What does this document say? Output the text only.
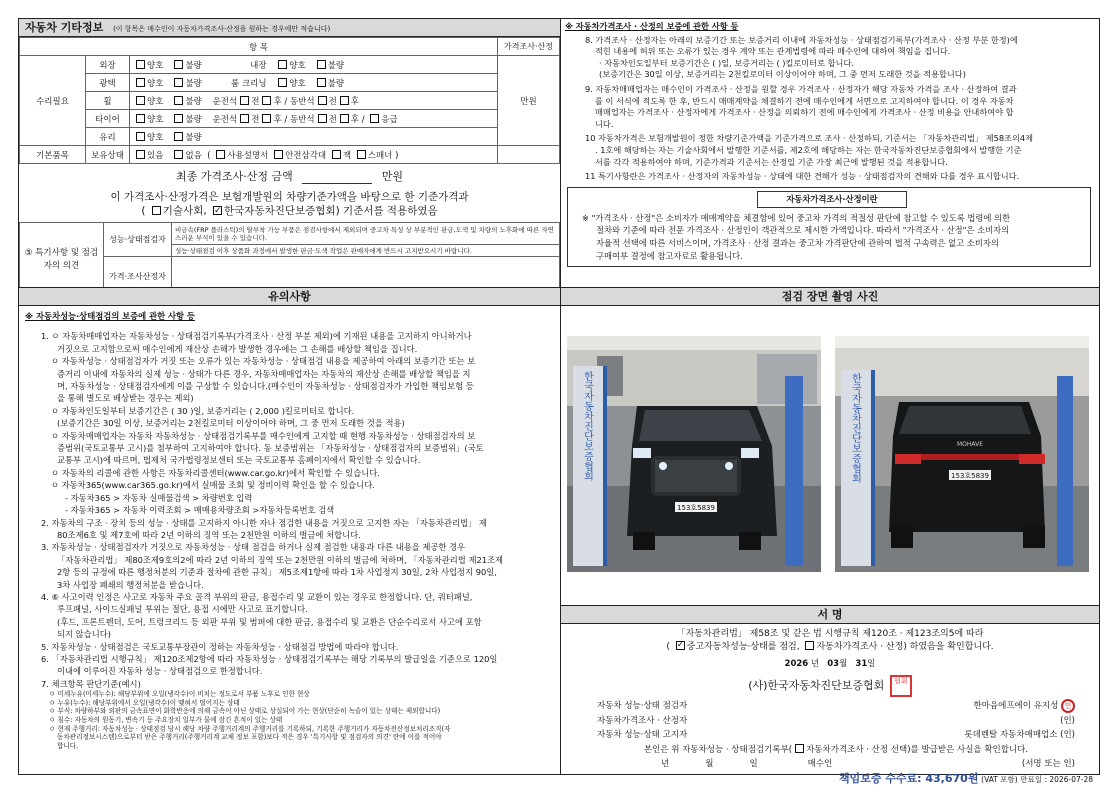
자동차 기타정보 (이 항목은 매수인이 자동차가격조사·산정을 원하는 경우에만 적습니다)
항 목			가격조사·산정
수리필요	외장	양호 불량 내장 양호 불량	만원
	광택	양호 불량 룸 크리닝 양호 불량	
	휠	양호 불량 운전석 전 후 / 동반석 전 후	
	타이어	양호 불량 운전석 전 후 / 동반석 전 후 / 응급	
	유리	양호 불량	
기본품목	보유상태	있음 없음  ( 사용설명서 안전삼각대 잭 스패너 )	
최종 가격조사·산정 금액	만원
이 가격조사·산정가격은 보험개발원의 차량기준가액을 바탕으로 한 기준가격과
( 기술사회, ✓한국자동차진단보증협회) 기준서를 적용하였음
⑤ 특기사항 및 점검자의 의견	성능·상태점검자	비금속(FRP 플라스틱)의 탈부착 가능 부품은 점검사항에서 제외되며 중고차 특성 상 부분적인 판금,도색 및 차량의 노후화에 따른 자연스러운 부식이 있을 수 있습니다.
		성능·상태점검 이후 상품화 과정에서 발생한 판금·도색 작업은 판매자에게 반드시 고지받으시기 바랍니다.
	가격·조사산정자	
유의사항

※ 자동차성능·상태점검의 보증에 관한 사항 등

1. ㅇ 자동차매매업자는 자동차성능 · 상태점검기록부(가격조사 · 산정 부분 제외)에 기재된 내용을 고지하지 아니하거나

거짓으로 고지함으로써 매수인에게 재산상 손해가 발생한 경우에는 그 손해를 배상할 책임을 집니다.

ㅇ 자동차성능 · 상태점검자가 거짓 또는 오류가 있는 자동차성능 · 상태점검 내용을 제공하여 아래의 보증기간 또는 보

증거리 이내에 자동차의 실제 성능 · 상태가 다른 경우, 자동차매매업자는 자동차의 재산상 손해를 배상할 책임을 지

며, 자동차성능 · 상태점검자에게 이를 구상할 수 있습니다.(매수인이 자동차성능 · 상태점검자가 가입한 책임보험 등

을 통해 별도로 배상받는 경우는 제외)

ㅇ 자동차인도일부터 보증기간은 ( 30 )일, 보증거리는 ( 2,000 )킬로미터로 합니다.

(보증기간은 30일 이상, 보증거리는 2천킬로미터 이상이어야 하며, 그 중 먼저 도래한 것을 적용)

ㅇ 자동차매매업자는 자동차 자동차성능 · 상태점검기록부를 매수인에게 고지할 때 현행 자동차성능 · 상태점검자의 보

증범위(국토교통부 고시)를 첨부하여 고지하여야 합니다. 동 보증범위는 「자동차성능 · 상태점검자의 보증범위」(국토

교통부 고시)에 따르며, 법제처 국가법령정보센터 또는 국토교통부 홈페이지에서 확인할 수 있습니다.

ㅇ 자동차의 리콜에 관한 사항은 자동차리콜센터(www.car.go.kr)에서 확인할 수 있습니다.

ㅇ 자동차365(www.car365.go.kr)에서 실매물 조회 및 정비이력 확인을 할 수 있습니다.

- 자동차365 > 자동차 실매물검색 > 차량번호 입력

- 자동차365 > 자동차 이력조회 > 매매용차량조회 >자동차등록번호 검색

2. 자동차의 구조 · 장치 등의 성능 · 상태를 고지하지 아니한 자나 점검한 내용을 거짓으로 고지한 자는 「자동차관리법」 제

80조제6호 및 제7호에 따라 2년 이하의 징역 또는 2천만원 이하의 벌금에 처합니다.

3. 자동차성능 · 상태점검자가 거짓으로 자동차성능 · 상태 점검을 하거나 실제 점검한 내용과 다른 내용을 제공한 경우

「자동차관리법」 제80조제9호의2에 따라 2년 이하의 징역 또는 2천만원 이하의 벌금에 처하며, 「자동차관리법 제21조제

2항 등의 규정에 따른 행정처분의 기준과 절차에 관한 규칙」 제5조제1항에 따라 1차 사업정지 30일, 2차 사업정지 90일,

3차 사업장 폐쇄의 행정처분을 받습니다.

4. ⑥ 사고이력 인정은 사고로 자동차 주요 골격 부위의 판금, 용접수리 및 교환이 있는 경우로 한정합니다. 단, 쿼터패널,

루프패널, 사이드실패널 부위는 절단, 용접 시에만 사고로 표기합니다.

(후드, 프론트펜더, 도어, 트렁크리드 등 외판 부위 및 범퍼에 대한 판금, 용접수리 및 교환은 단순수리로서 사고에 포함

되지 않습니다)

5. 자동차성능 · 상태점검은 국토교통부장관이 정하는 자동차성능 · 상태점검 방법에 따라야 합니다.

6. 「자동차관리법 시행규칙」 제120조제2항에 따라 자동차성능 · 상태점검기록부는 해당 기록부의 발급일을 기준으로 120일

이내에 이루어진 자동차 성능 · 상태점검으로 한정합니다.

7. 체크항목 판단기준(예시)

ㅇ 미세누유(미세누수): 해당부위에 오일(냉각수)이 비치는 정도로서 부품 노후로 인한 현상

ㅇ 누유(누수): 해당부위에서 오일(냉각수)이 맺혀서 떨어지는 상태

ㅇ 부식: 차량하부와 외판의 금속표면이 화학반응에 의해 금속이 아닌 상태로 상실되어 가는 현상(단순히 녹슬어 있는 상태는 제외합니다)

ㅇ 침수: 자동차의 원동기, 변속기 등 주요장치 일부가 물에 잠긴 흔적이 있는 상태

ㅇ 현재 주행거리: 자동차성능 · 상태점검 당시 해당 차량 주행거리계의 주행거리를 기록하되, 기록한 주행거리가 자동차전산정보처리조직(자

동차관리정보시스템)으로부터 받은 주행거리(주행거리계 교체 정보 포함)보다 적은 경우 '특기사항 및 점검자의 의견' 란에 이를 적어야

합니다.

※ 자동차가격조사 · 산정의 보증에 관한 사항 등

8. 가격조사 · 산정자는 아래의 보증기간 또는 보증거리 이내에 자동차성능 · 상태점검기록부(가격조사 · 산정 부분 한정)에
적힌 내용에 허위 또는 오류가 있는 경우 계약 또는 관계법령에 따라 매수인에 대하여 책임을 집니다.
· 자동차인도일부터 보증기간은 ( )일, 보증거리는 ( )킬로미터로 합니다.
(보증기간은 30일 이상, 보증거리는 2천킬로미터 이상이어야 하며, 그 중 먼저 도래한 것을 적용합니다)
9. 자동차매매업자는 매수인이 가격조사 · 산정을 원할 경우 가격조사 · 산정자가 해당 자동차 가격을 조사 · 산정하여 결과
를 이 서식에 적도록 한 후, 반드시 매매계약을 체결하기 전에 매수인에게 서면으로 고지하여야 합니다. 이 경우 자동차
매매업자는 가격조사 · 산정자에게 가격조사 · 산정을 의뢰하기 전에 매수인에게 가격조사 · 산정 비용을 안내하여야 합
니다.
10 자동차가격은 보험개발원이 정한 차량기준가액을 기준가격으로 조사 · 산정하되, 기준서는 「자동차관리법」 제58조의4제
. 1호에 해당하는 자는 기술사회에서 발행한 기준서를, 제2호에 해당하는 자는 한국자동차진단보증협회에서 발행한 기준
서를 각각 적용하여야 하며, 기준가격과 기준서는 산정일 기준 가장 최근에 발행된 것을 적용합니다.
11 특기사항란은 가격조사 · 산정자의 자동차성능 · 상태에 대한 견해가 성능 · 상태점검자의 견해와 다를 경우 표시합니다.
자동차가격조사·산정이란
※ "가격조사 · 산정"은 소비자가 매매계약을 체결함에 있어 중고차 가격의 적절성 판단에 참고할 수 있도록 법령에 의한
절차와 기준에 따라 전문 가격조사 · 산정인이 객관적으로 제시한 가액입니다. 따라서 "가격조사 · 산정"은 소비자의
자율적 선택에 따른 서비스이며, 가격조사 · 산정 결과는 중고차 가격판단에 관하여 법적 구속력은 없고 소비자의
구매여부 결정에 참고자료로 활용됩니다.
점검 장면 촬영 사진
153호5839
한국자동차진단보증협회	MOHAVE
153호5839
한국자동차진단보증협회
서 명
「자동차관리법」 제58조 및 같은 법 시행규칙 제120조 · 제123조의5에 따라
( ✓중고자동차성능·상태를 점검, 자동차가격조사 · 산정) 하였음을 확인합니다.
2026 년 03월 31일
(사)한국자동차진단보증협회 협회
자동차 성능·상태 점검자	한마음에프에이 유지성 인
자동차가격조사 · 산정자	(인)
자동차 성능·상태 고지자	롯데렌탈 자동차매매업소 (인)
본인은 위 자동차성능 · 상태점검기록부( 자동차가격조사 · 산정 선택)를 발급받은 사실을 확인합니다.
년	월	일	매수인	(서명 또는 인)
책임보증 수수료: 43,670원 (VAT 포함) 만료일 : 2026-07-28
